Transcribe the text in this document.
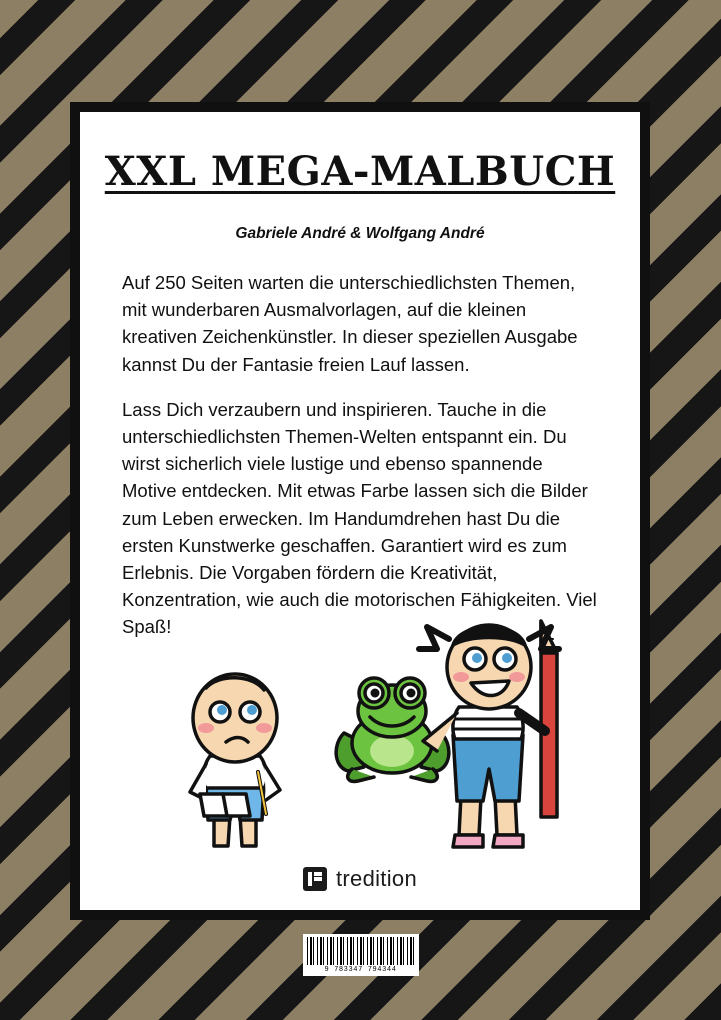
XXL MEGA-MALBUCH
Gabriele André & Wolfgang André

Auf 250 Seiten warten die unterschiedlichsten Themen, mit wunderbaren Ausmalvorlagen, auf die kleinen kreativen Zeichenkünstler. In dieser speziellen Ausgabe kannst Du der Fantasie freien Lauf lassen.

Lass Dich verzaubern und inspirieren. Tauche in die unterschiedlichsten Themen-Welten entspannt ein. Du wirst sicherlich viele lustige und ebenso spannende Motive entdecken. Mit etwas Farbe lassen sich die Bilder zum Leben erwecken. Im Handumdrehen hast Du die ersten Kunstwerke geschaffen. Garantiert wird es zum Erlebnis. Die Vorgaben fördern die Kreativität, Konzentration, wie auch die motorischen Fähigkeiten. Viel Spaß!

tredition
9 783347 794344
